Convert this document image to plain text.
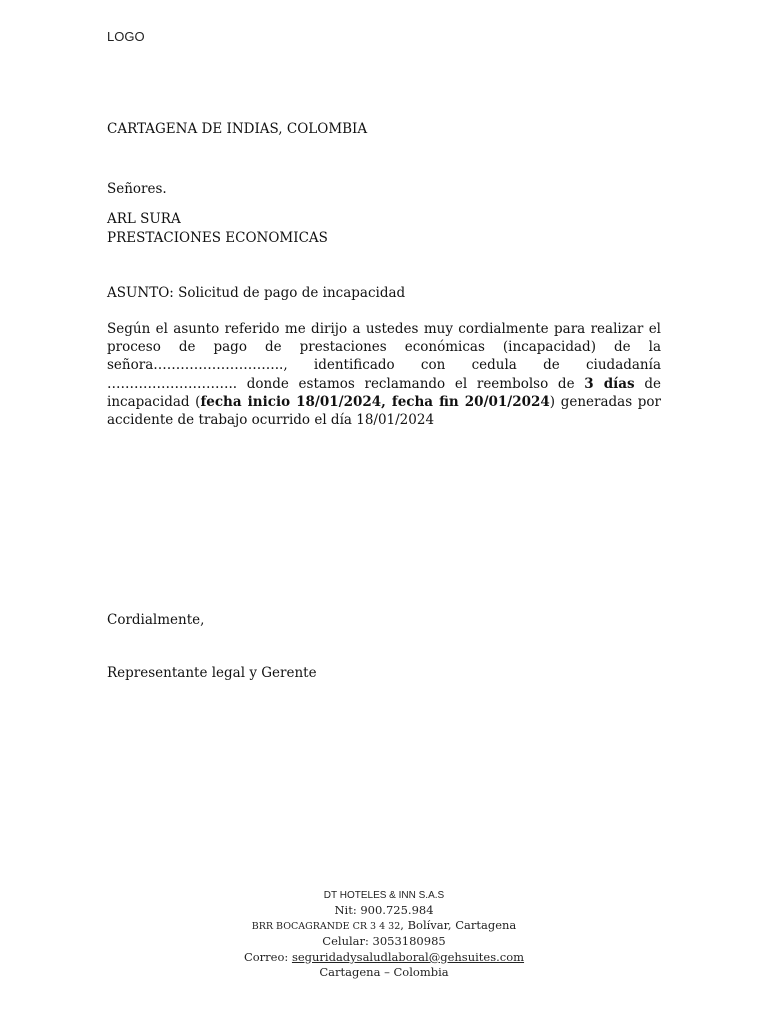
LOGO
CARTAGENA DE INDIAS, COLOMBIA
Señores.
ARL SURA
PRESTACIONES ECONOMICAS
ASUNTO: Solicitud de pago de incapacidad
Según el asunto referido me dirijo a ustedes muy cordialmente para realizar el proceso de pago de prestaciones económicas (incapacidad) de la señora……………………….., identificado con cedula de ciudadanía ……………………….. donde estamos reclamando el reembolso de 3 días de incapacidad (fecha inicio 18/01/2024, fecha fin 20/01/2024) generadas por accidente de trabajo ocurrido el día 18/01/2024
Cordialmente,
Representante legal y Gerente
DT HOTELES & INN S.A.S
Nit: 900.725.984
BRR BOCAGRANDE CR 3 4 32, Bolívar, Cartagena
Celular: 3053180985
Correo: seguridadysaludlaboral@gehsuites.com
Cartagena – Colombia
